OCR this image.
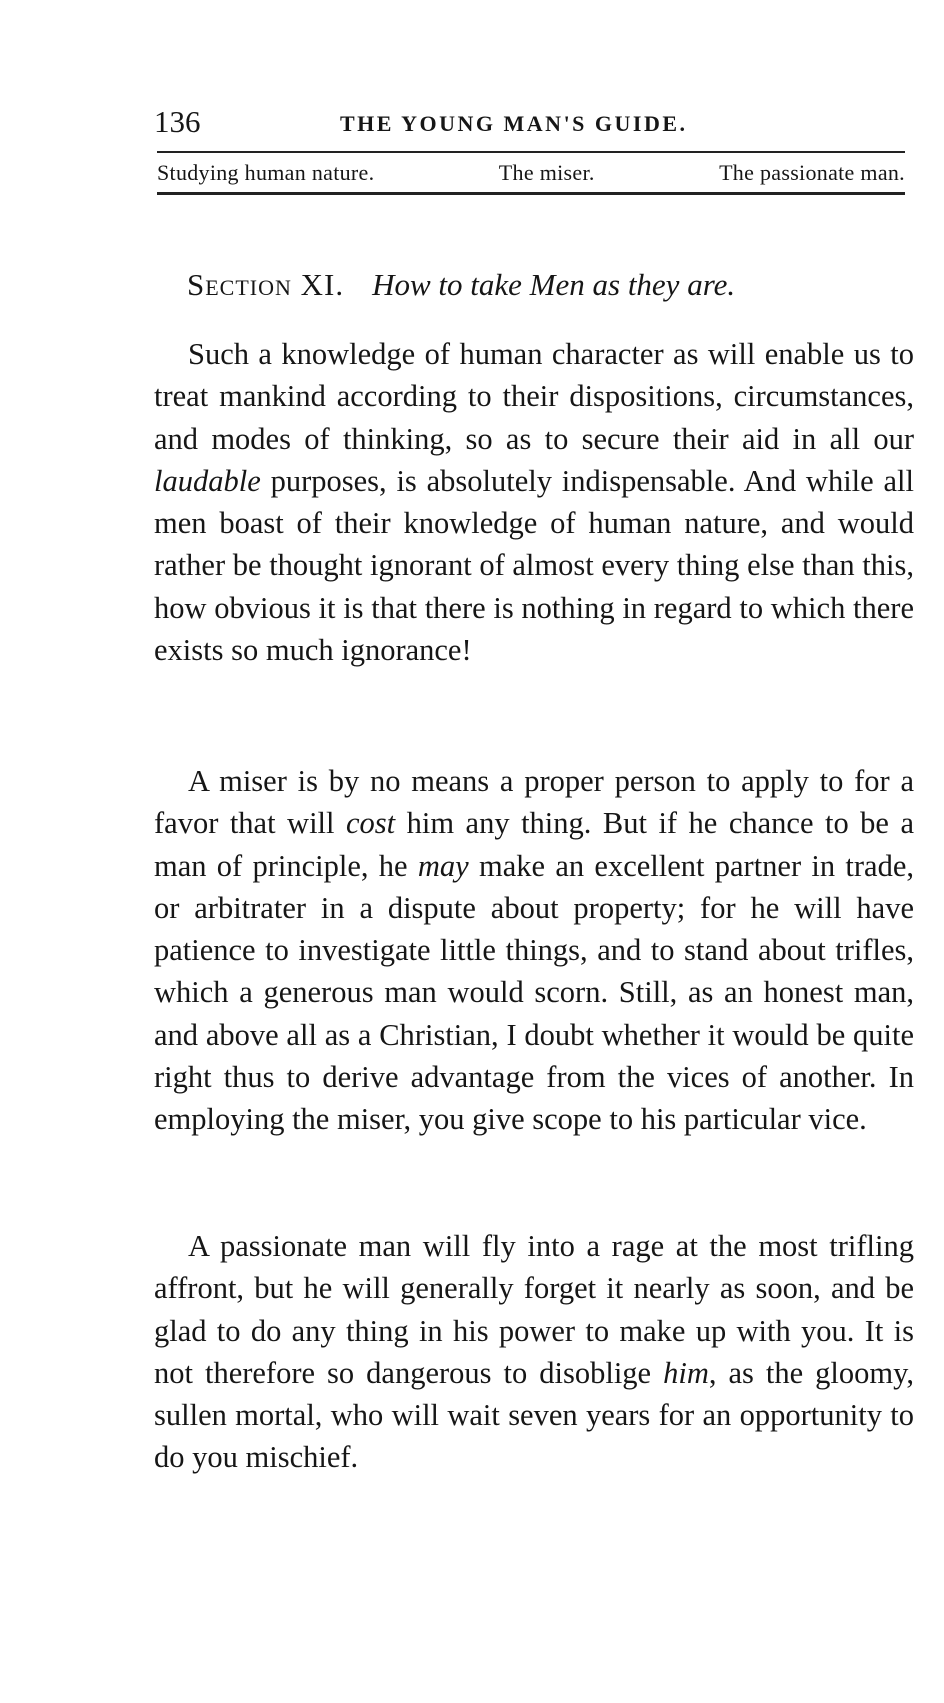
136	THE YOUNG MAN'S GUIDE.
Studying human nature.	The miser.	The passionate man.
Section XI. How to take Men as they are.

Such a knowledge of human character as will enable us to treat mankind according to their dispositions, circumstances, and modes of thinking, so as to secure their aid in all our laudable purposes, is absolutely indispensable. And while all men boast of their knowledge of human nature, and would rather be thought ignorant of almost every thing else than this, how obvious it is that there is nothing in regard to which there exists so much ignorance!

A miser is by no means a proper person to apply to for a favor that will cost him any thing. But if he chance to be a man of principle, he may make an excellent partner in trade, or arbitrater in a dispute about property; for he will have patience to investigate little things, and to stand about trifles, which a generous man would scorn. Still, as an honest man, and above all as a Christian, I doubt whether it would be quite right thus to derive advantage from the vices of another. In employing the miser, you give scope to his particular vice.

A passionate man will fly into a rage at the most trifling affront, but he will generally forget it nearly as soon, and be glad to do any thing in his power to make up with you. It is not therefore so dangerous to disoblige him, as the gloomy, sullen mortal, who will wait seven years for an opportunity to do you mischief.
